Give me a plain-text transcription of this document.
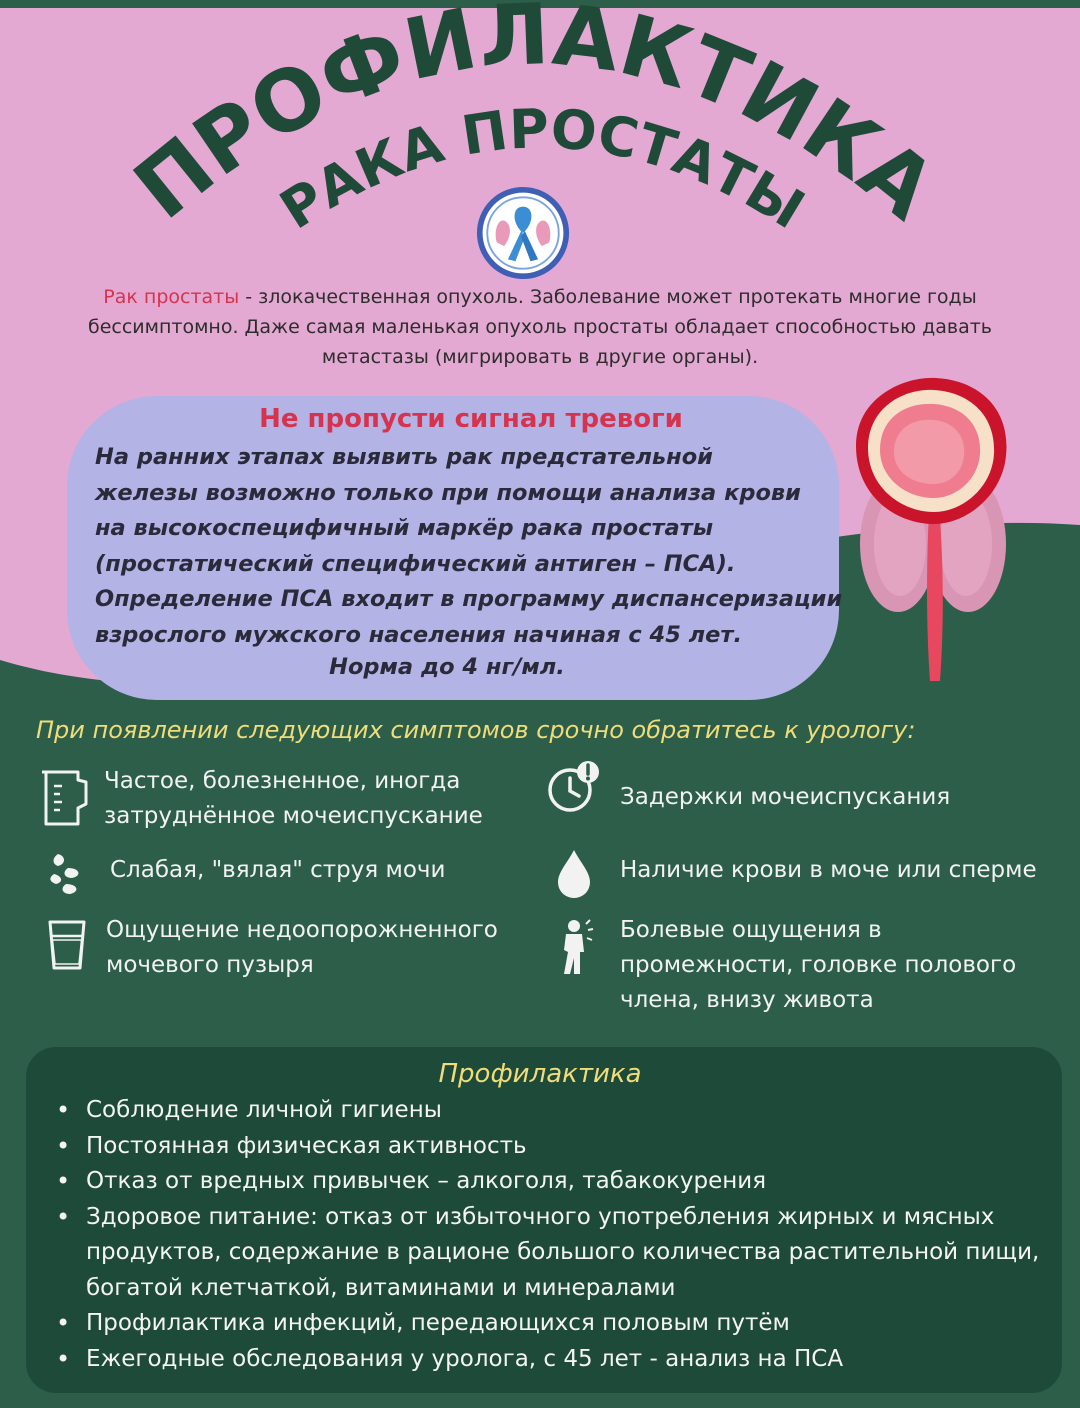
ПРОФИЛАКТИКА
РАКА ПРОСТАТЫ
Рак простаты - злокачественная опухоль. Заболевание может протекать многие годы бессимптомно. Даже самая маленькая опухоль простаты обладает способностью давать метастазы (мигрировать в другие органы).
Не пропусти сигнал тревоги
На ранних этапах выявить рак предстательной
железы возможно только при помощи анализа крови
на высокоспецифичный маркёр рака простаты
(простатический специфический антиген – ПСА).
Определение ПСА входит в программу диспансеризации
взрослого мужского населения начиная с 45 лет.
Норма до 4 нг/мл.
При появлении следующих симптомов срочно обратитесь к урологу:
Частое, болезненное, иногда
затруднённое мочеиспускание
Задержки мочеиспускания
Слабая, "вялая" струя мочи	Наличие крови в моче или сперме
Ощущение недоопорожненного
мочевого пузыря
Болевые ощущения в
промежности, головке полового
члена, внизу живота
Профилактика
• Соблюдение личной гигиены
• Постоянная физическая активность
• Отказ от вредных привычек – алкоголя, табакокурения
• Здоровое питание: отказ от избыточного употребления жирных и мясных продуктов, содержание в рационе большого количества растительной пищи, богатой клетчаткой, витаминами и минералами
• Профилактика инфекций, передающихся половым путём
• Ежегодные обследования у уролога, с 45 лет - анализ на ПСА
